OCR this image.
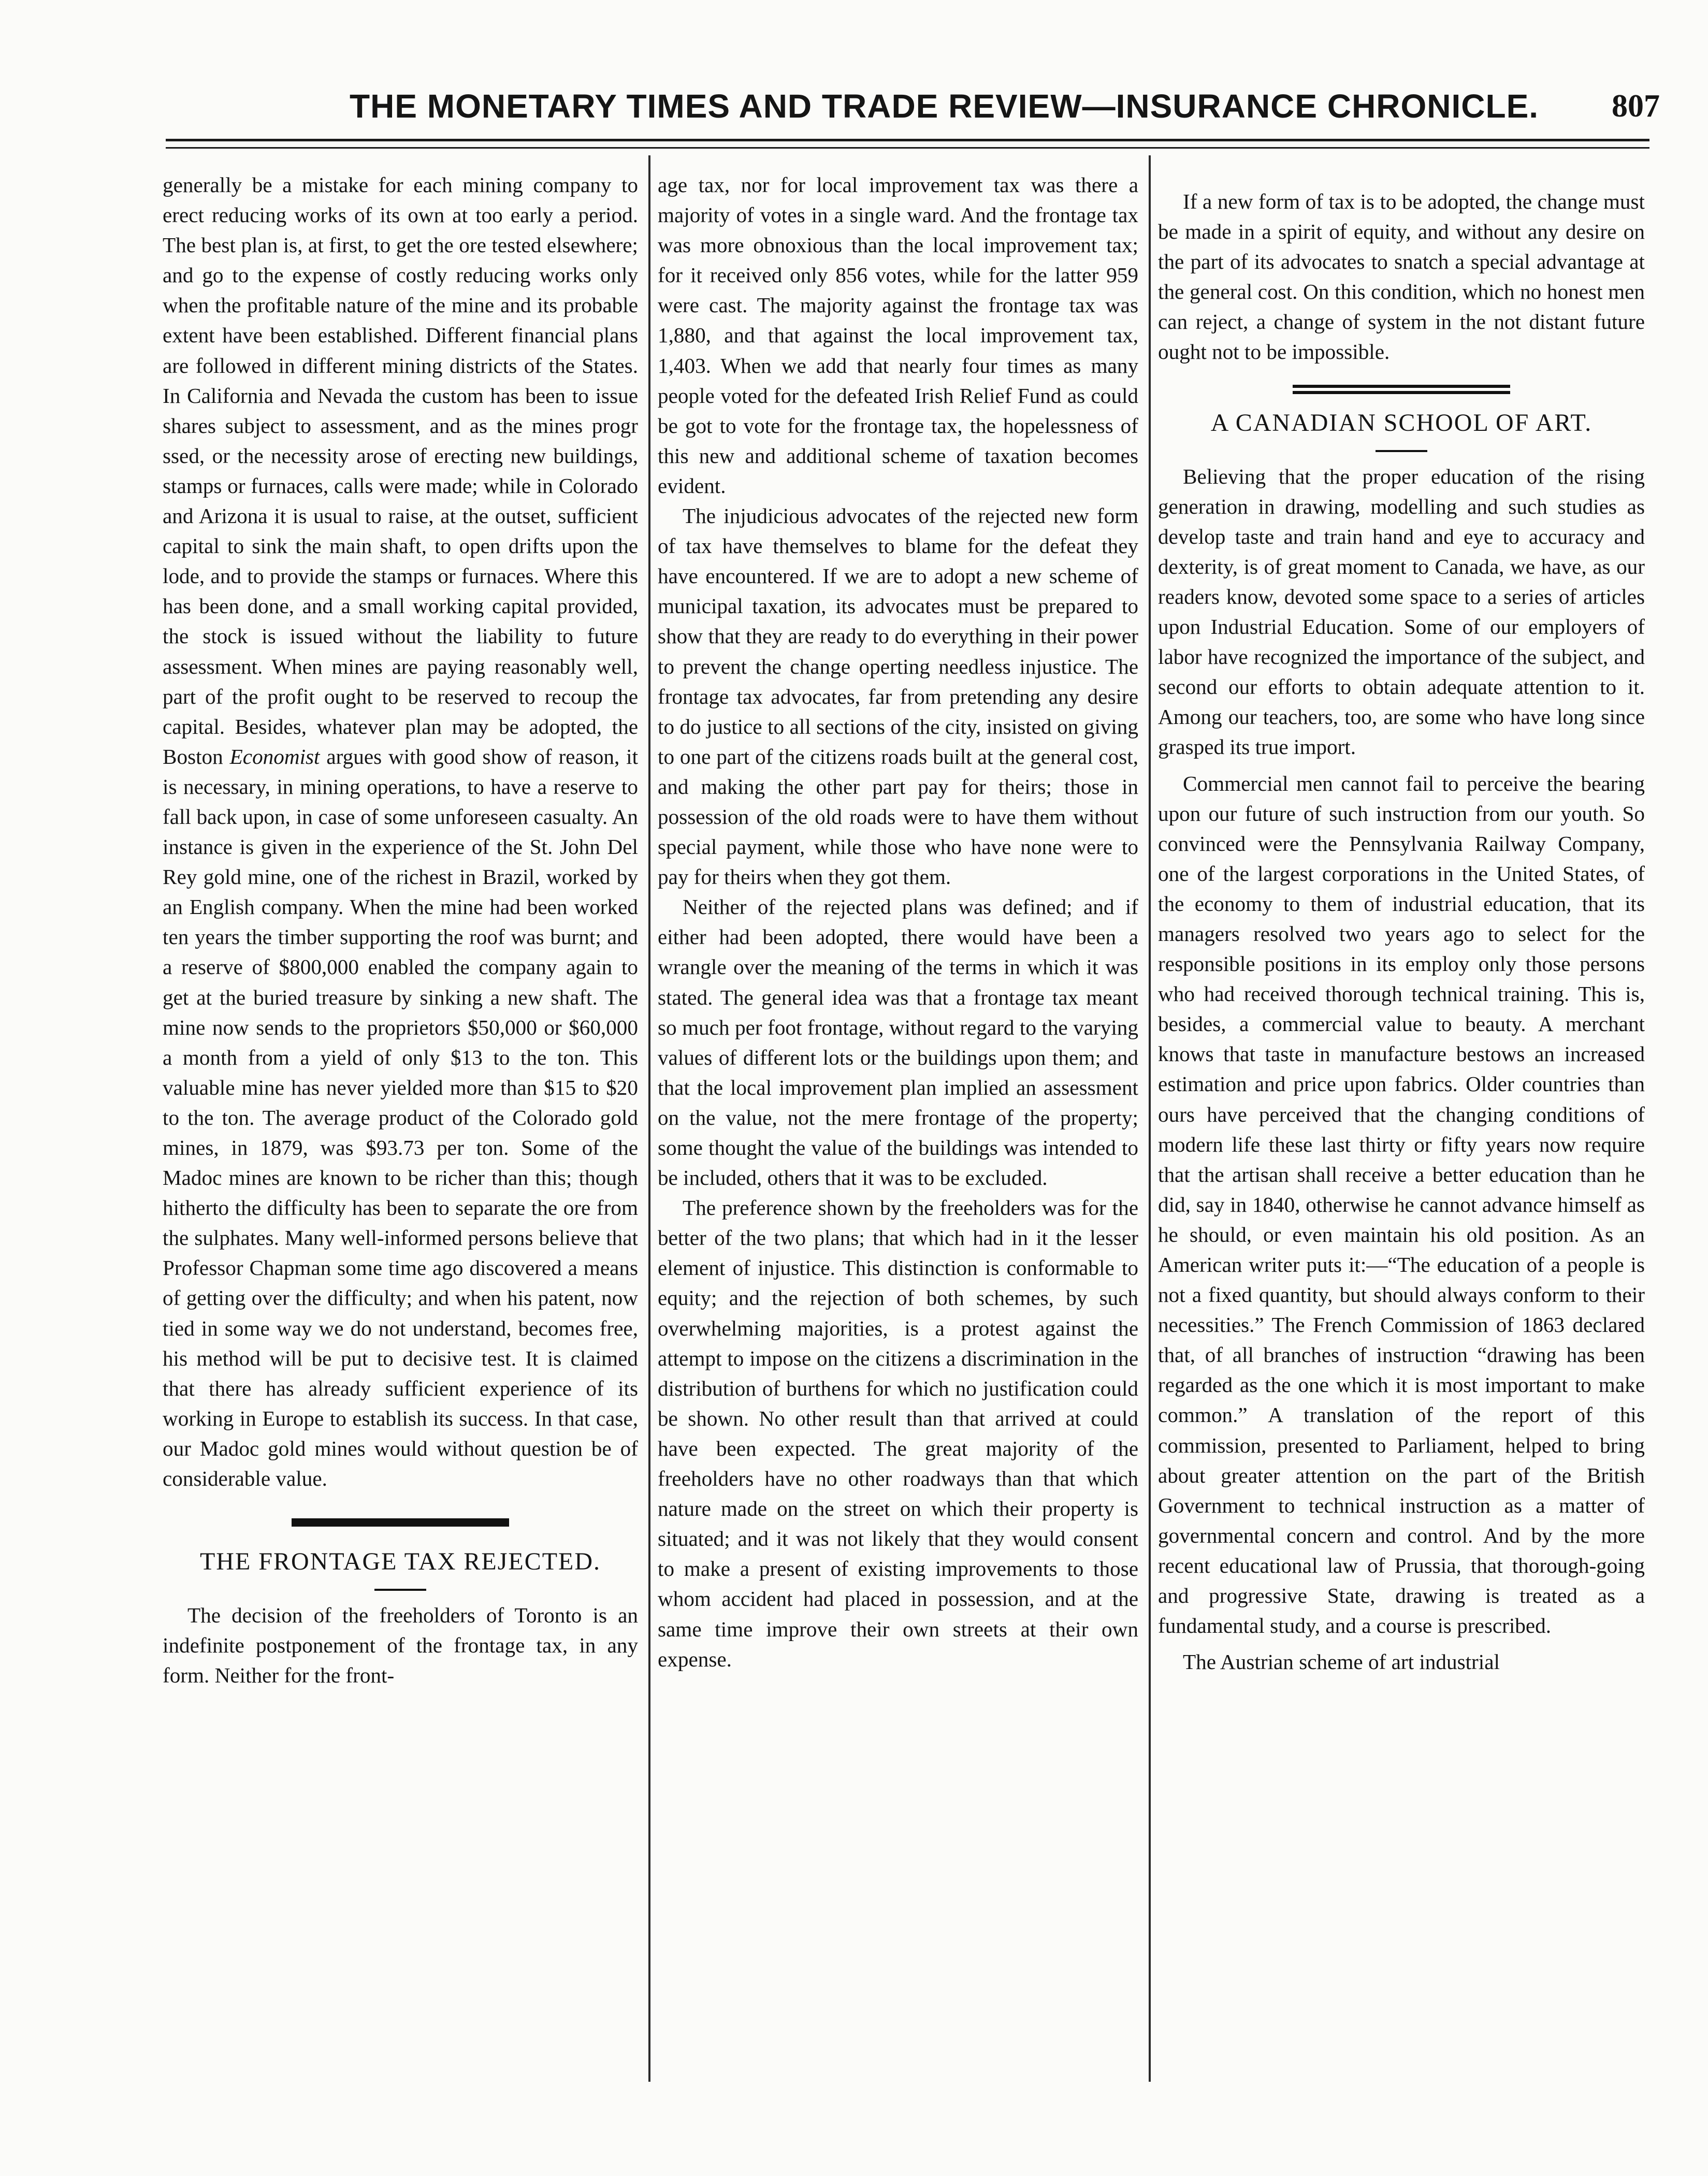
THE MONETARY TIMES AND TRADE REVIEW—INSURANCE CHRONICLE. 807

generally be a mistake for each mining company to erect reducing works of its own at too early a period. The best plan is, at first, to get the ore tested elsewhere; and go to the expense of costly reducing works only when the profitable nature of the mine and its probable extent have been established. Different financial plans are followed in different mining districts of the States. In California and Nevada the custom has been to issue shares subject to assessment, and as the mines progr ssed, or the necessity arose of erecting new buildings, stamps or furnaces, calls were made; while in Colorado and Arizona it is usual to raise, at the outset, sufficient capital to sink the main shaft, to open drifts upon the lode, and to provide the stamps or furnaces. Where this has been done, and a small working capital provided, the stock is issued without the liability to future assessment. When mines are paying reasonably well, part of the profit ought to be reserved to recoup the capital. Besides, whatever plan may be adopted, the Boston Economist argues with good show of reason, it is necessary, in mining operations, to have a reserve to fall back upon, in case of some unforeseen casualty. An instance is given in the experience of the St. John Del Rey gold mine, one of the richest in Brazil, worked by an English company. When the mine had been worked ten years the timber supporting the roof was burnt; and a reserve of $800,000 enabled the company again to get at the buried treasure by sinking a new shaft. The mine now sends to the proprietors $50,000 or $60,000 a month from a yield of only $13 to the ton. This valuable mine has never yielded more than $15 to $20 to the ton. The average product of the Colorado gold mines, in 1879, was $93.73 per ton. Some of the Madoc mines are known to be richer than this; though hitherto the difficulty has been to separate the ore from the sulphates. Many well-informed persons believe that Professor Chapman some time ago discovered a means of getting over the difficulty; and when his patent, now tied in some way we do not understand, becomes free, his method will be put to decisive test. It is claimed that there has already sufficient experience of its working in Europe to establish its success. In that case, our Madoc gold mines would without question be of considerable value.

THE FRONTAGE TAX REJECTED.

The decision of the freeholders of Toronto is an indefinite postponement of the frontage tax, in any form. Neither for the front-

age tax, nor for local improvement tax was there a majority of votes in a single ward. And the frontage tax was more obnoxious than the local improvement tax; for it received only 856 votes, while for the latter 959 were cast. The majority against the frontage tax was 1,880, and that against the local improvement tax, 1,403. When we add that nearly four times as many people voted for the defeated Irish Relief Fund as could be got to vote for the frontage tax, the hopelessness of this new and additional scheme of taxation becomes evident.

The injudicious advocates of the rejected new form of tax have themselves to blame for the defeat they have encountered. If we are to adopt a new scheme of municipal taxation, its advocates must be prepared to show that they are ready to do everything in their power to prevent the change operting needless injustice. The frontage tax advocates, far from pretending any desire to do justice to all sections of the city, insisted on giving to one part of the citizens roads built at the general cost, and making the other part pay for theirs; those in possession of the old roads were to have them without special payment, while those who have none were to pay for theirs when they got them.

Neither of the rejected plans was defined; and if either had been adopted, there would have been a wrangle over the meaning of the terms in which it was stated. The general idea was that a frontage tax meant so much per foot frontage, without regard to the varying values of different lots or the buildings upon them; and that the local improvement plan implied an assessment on the value, not the mere frontage of the property; some thought the value of the buildings was intended to be included, others that it was to be excluded.

The preference shown by the freeholders was for the better of the two plans; that which had in it the lesser element of injustice. This distinction is conformable to equity; and the rejection of both schemes, by such overwhelming majorities, is a protest against the attempt to impose on the citizens a discrimination in the distribution of burthens for which no justification could be shown. No other result than that arrived at could have been expected. The great majority of the freeholders have no other roadways than that which nature made on the street on which their property is situated; and it was not likely that they would consent to make a present of existing improvements to those whom accident had placed in possession, and at the same time improve their own streets at their own expense.

If a new form of tax is to be adopted, the change must be made in a spirit of equity, and without any desire on the part of its advocates to snatch a special advantage at the general cost. On this condition, which no honest men can reject, a change of system in the not distant future ought not to be impossible.

A CANADIAN SCHOOL OF ART.

Believing that the proper education of the rising generation in drawing, modelling and such studies as develop taste and train hand and eye to accuracy and dexterity, is of great moment to Canada, we have, as our readers know, devoted some space to a series of articles upon Industrial Education. Some of our employers of labor have recognized the importance of the subject, and second our efforts to obtain adequate attention to it. Among our teachers, too, are some who have long since grasped its true import.

Commercial men cannot fail to perceive the bearing upon our future of such instruction from our youth. So convinced were the Pennsylvania Railway Company, one of the largest corporations in the United States, of the economy to them of industrial education, that its managers resolved two years ago to select for the responsible positions in its employ only those persons who had received thorough technical training. This is, besides, a commercial value to beauty. A merchant knows that taste in manufacture bestows an increased estimation and price upon fabrics. Older countries than ours have perceived that the changing conditions of modern life these last thirty or fifty years now require that the artisan shall receive a better education than he did, say in 1840, otherwise he cannot advance himself as he should, or even maintain his old position. As an American writer puts it:—“The education of a people is not a fixed quantity, but should always conform to their necessities.” The French Commission of 1863 declared that, of all branches of instruction “drawing has been regarded as the one which it is most important to make common.” A translation of the report of this commission, presented to Parliament, helped to bring about greater attention on the part of the British Government to technical instruction as a matter of governmental concern and control. And by the more recent educational law of Prussia, that thorough-going and progressive State, drawing is treated as a fundamental study, and a course is prescribed.

The Austrian scheme of art industrial
